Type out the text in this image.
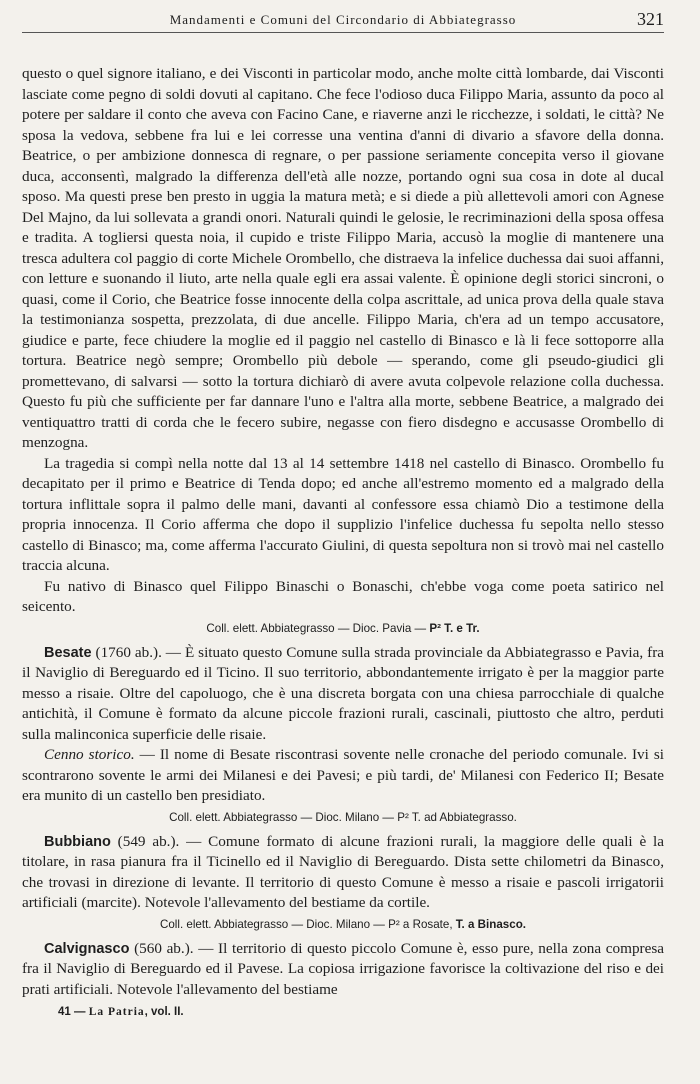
Mandamenti e Comuni del Circondario di Abbiategrasso	321

questo o quel signore italiano, e dei Visconti in particolar modo, anche molte città lombarde, dai Visconti lasciate come pegno di soldi dovuti al capitano. Che fece l'odioso duca Filippo Maria, assunto da poco al potere per saldare il conto che aveva con Facino Cane, e riaverne anzi le ricchezze, i soldati, le città? Ne sposa la vedova, sebbene fra lui e lei corresse una ventina d'anni di divario a sfavore della donna. Beatrice, o per ambizione donnesca di regnare, o per passione seriamente concepita verso il giovane duca, acconsentì, malgrado la differenza dell'età alle nozze, portando ogni sua cosa in dote al ducal sposo. Ma questi prese ben presto in uggia la matura metà; e si diede a più allettevoli amori con Agnese Del Majno, da lui sollevata a grandi onori. Naturali quindi le gelosie, le recriminazioni della sposa offesa e tradita. A togliersi questa noia, il cupido e triste Filippo Maria, accusò la moglie di mantenere una tresca adultera col paggio di corte Michele Orombello, che distraeva la infelice duchessa dai suoi affanni, con letture e suonando il liuto, arte nella quale egli era assai valente. È opinione degli storici sincroni, o quasi, come il Corio, che Beatrice fosse innocente della colpa ascrittale, ad unica prova della quale stava la testimonianza sospetta, prezzolata, di due ancelle. Filippo Maria, ch'era ad un tempo accusatore, giudice e parte, fece chiudere la moglie ed il paggio nel castello di Binasco e là li fece sottoporre alla tortura. Beatrice negò sempre; Orombello più debole — sperando, come gli pseudo-giudici gli promettevano, di salvarsi — sotto la tortura dichiarò di avere avuta colpevole relazione colla duchessa. Questo fu più che sufficiente per far dannare l'uno e l'altra alla morte, sebbene Beatrice, a malgrado dei ventiquattro tratti di corda che le fecero subire, negasse con fiero disdegno e accusasse Orombello di menzogna.

La tragedia si compì nella notte dal 13 al 14 settembre 1418 nel castello di Binasco. Orombello fu decapitato per il primo e Beatrice di Tenda dopo; ed anche all'estremo momento ed a malgrado della tortura inflittale sopra il palmo delle mani, davanti al confessore essa chiamò Dio a testimone della propria innocenza. Il Corio afferma che dopo il supplizio l'infelice duchessa fu sepolta nello stesso castello di Binasco; ma, come afferma l'accurato Giulini, di questa sepoltura non si trovò mai nel castello traccia alcuna.

Fu nativo di Binasco quel Filippo Binaschi o Bonaschi, ch'ebbe voga come poeta satirico nel seicento.

Coll. elett. Abbiategrasso — Dioc. Pavia — P² T. e Tr.

Besate (1760 ab.). — È situato questo Comune sulla strada provinciale da Abbiategrasso e Pavia, fra il Naviglio di Bereguardo ed il Ticino. Il suo territorio, abbondantemente irrigato è per la maggior parte messo a risaie. Oltre del capoluogo, che è una discreta borgata con una chiesa parrocchiale di qualche antichità, il Comune è formato da alcune piccole frazioni rurali, cascinali, piuttosto che altro, perduti sulla malinconica superficie delle risaie.

Cenno storico. — Il nome di Besate riscontrasi sovente nelle cronache del periodo comunale. Ivi si scontrarono sovente le armi dei Milanesi e dei Pavesi; e più tardi, de' Milanesi con Federico II; Besate era munito di un castello ben presidiato.

Coll. elett. Abbiategrasso — Dioc. Milano — P² T. ad Abbiategrasso.

Bubbiano (549 ab.). — Comune formato di alcune frazioni rurali, la maggiore delle quali è la titolare, in rasa pianura fra il Ticinello ed il Naviglio di Bereguardo. Dista sette chilometri da Binasco, che trovasi in direzione di levante. Il territorio di questo Comune è messo a risaie e pascoli irrigatorii artificiali (marcite). Notevole l'allevamento del bestiame da cortile.

Coll. elett. Abbiategrasso — Dioc. Milano — P² a Rosate, T. a Binasco.

Calvignasco (560 ab.). — Il territorio di questo piccolo Comune è, esso pure, nella zona compresa fra il Naviglio di Bereguardo ed il Pavese. La copiosa irrigazione favorisce la coltivazione del riso e dei prati artificiali. Notevole l'allevamento del bestiame

41 — La Patria, vol. II.
